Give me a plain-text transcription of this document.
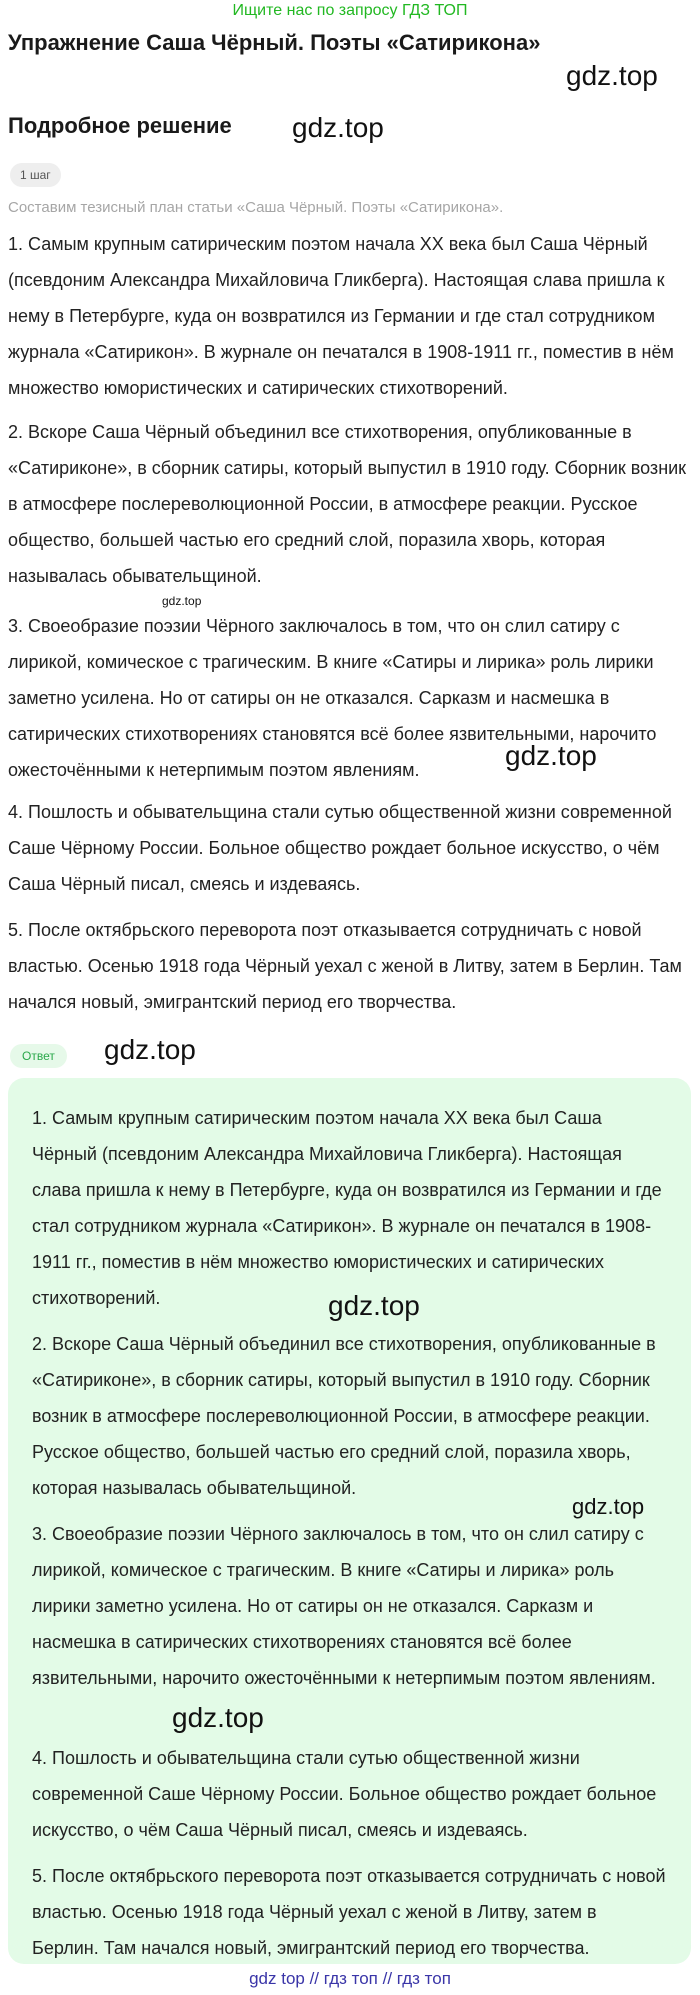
Ищите нас по запросу ГДЗ ТОП
Упражнение Саша Чёрный. Поэты «Сатирикона»
gdz.top
Подробное решение gdz.top
1 шаг
Составим тезисный план статьи «Саша Чёрный. Поэты «Сатирикона».
1. Самым крупным сатирическим поэтом начала XX века был Саша Чёрный (псевдоним Александра Михайловича Гликберга). Настоящая слава пришла к нему в Петербурге, куда он возвратился из Германии и где стал сотрудником журнала «Сатирикон». В журнале он печатался в 1908-1911 гг., поместив в нём множество юмористических и сатирических стихотворений.
2. Вскоре Саша Чёрный объединил все стихотворения, опубликованные в «Сатириконе», в сборник сатиры, который выпустил в 1910 году. Сборник возник в атмосфере послереволюционной России, в атмосфере реакции. Русское общество, большей частью его средний слой, поразила хворь, которая называлась обывательщиной.
gdz.top
3. Своеобразие поэзии Чёрного заключалось в том, что он слил сатиру с лирикой, комическое с трагическим. В книге «Сатиры и лирика» роль лирики заметно усилена. Но от сатиры он не отказался. Сарказм и насмешка в сатирических стихотворениях становятся всё более язвительными, нарочито ожесточёнными к нетерпимым поэтом явлениям.	gdz.top
4. Пошлость и обывательщина стали сутью общественной жизни современной Саше Чёрному России. Больное общество рождает больное искусство, о чём Саша Чёрный писал, смеясь и издеваясь.
5. После октябрьского переворота поэт отказывается сотрудничать с новой властью. Осенью 1918 года Чёрный уехал с женой в Литву, затем в Берлин. Там начался новый, эмигрантский период его творчества.
Ответ	gdz.top
1. Самым крупным сатирическим поэтом начала XX века был Саша Чёрный (псевдоним Александра Михайловича Гликберга). Настоящая слава пришла к нему в Петербурге, куда он возвратился из Германии и где стал сотрудником журнала «Сатирикон». В журнале он печатался в 1908-1911 гг., поместив в нём множество юмористических и сатирических стихотворений.	gdz.top
2. Вскоре Саша Чёрный объединил все стихотворения, опубликованные в «Сатириконе», в сборник сатиры, который выпустил в 1910 году. Сборник возник в атмосфере послереволюционной России, в атмосфере реакции. Русское общество, большей частью его средний слой, поразила хворь, которая называлась обывательщиной.
gdz.top
3. Своеобразие поэзии Чёрного заключалось в том, что он слил сатиру с лирикой, комическое с трагическим. В книге «Сатиры и лирика» роль лирики заметно усилена. Но от сатиры он не отказался. Сарказм и насмешка в сатирических стихотворениях становятся всё более язвительными, нарочито ожесточёнными к нетерпимым поэтом явлениям.
gdz.top
4. Пошлость и обывательщина стали сутью общественной жизни современной Саше Чёрному России. Больное общество рождает больное искусство, о чём Саша Чёрный писал, смеясь и издеваясь.
5. После октябрьского переворота поэт отказывается сотрудничать с новой властью. Осенью 1918 года Чёрный уехал с женой в Литву, затем в Берлин. Там начался новый, эмигрантский период его творчества.
gdz top // гдз топ // гдз топ
